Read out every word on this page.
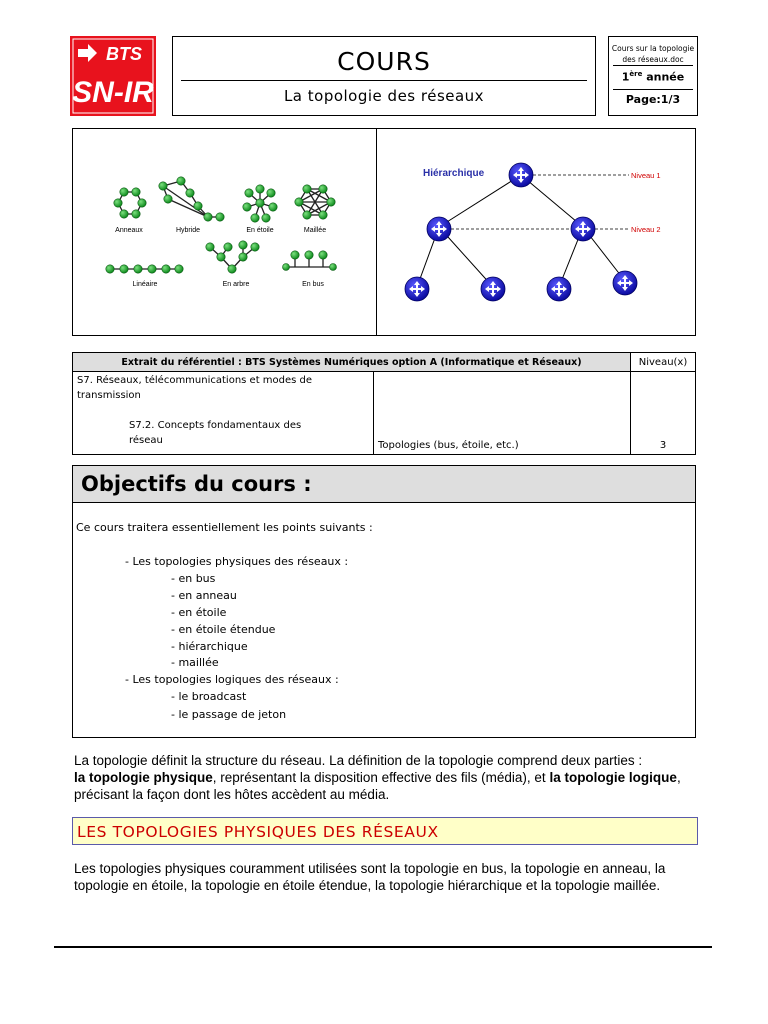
BTS
SN-IR
COURS
La topologie des réseaux
Cours sur la topologie des réseaux.doc
1ère année
Page:1/3
Anneaux	Hybride	En étoile	Maillée
Linéaire	En arbre	En bus
Hiérarchique	Niveau 1
Niveau 2
Extrait du référentiel : BTS Systèmes Numériques option A (Informatique et Réseaux)		Niveau(x)

S7. Réseaux, télécommunications et modes de transmission
S7.2. Concepts fondamentaux des réseau	Topologies (bus, étoile, etc.)	3
Objectifs du cours :
Ce cours traitera essentiellement les points suivants :
- Les topologies physiques des réseaux :
- en bus
- en anneau
- en étoile
- en étoile étendue
- hiérarchique
- maillée
- Les topologies logiques des réseaux :
- le broadcast
- le passage de jeton
La topologie définit la structure du réseau. La définition de la topologie comprend deux parties :
la topologie physique, représentant la disposition effective des fils (média), et la topologie logique, précisant la façon dont les hôtes accèdent au média.
LES TOPOLOGIES PHYSIQUES DES RÉSEAUX
Les topologies physiques couramment utilisées sont la topologie en bus, la topologie en anneau, la topologie en étoile, la topologie en étoile étendue, la topologie hiérarchique et la topologie maillée.
